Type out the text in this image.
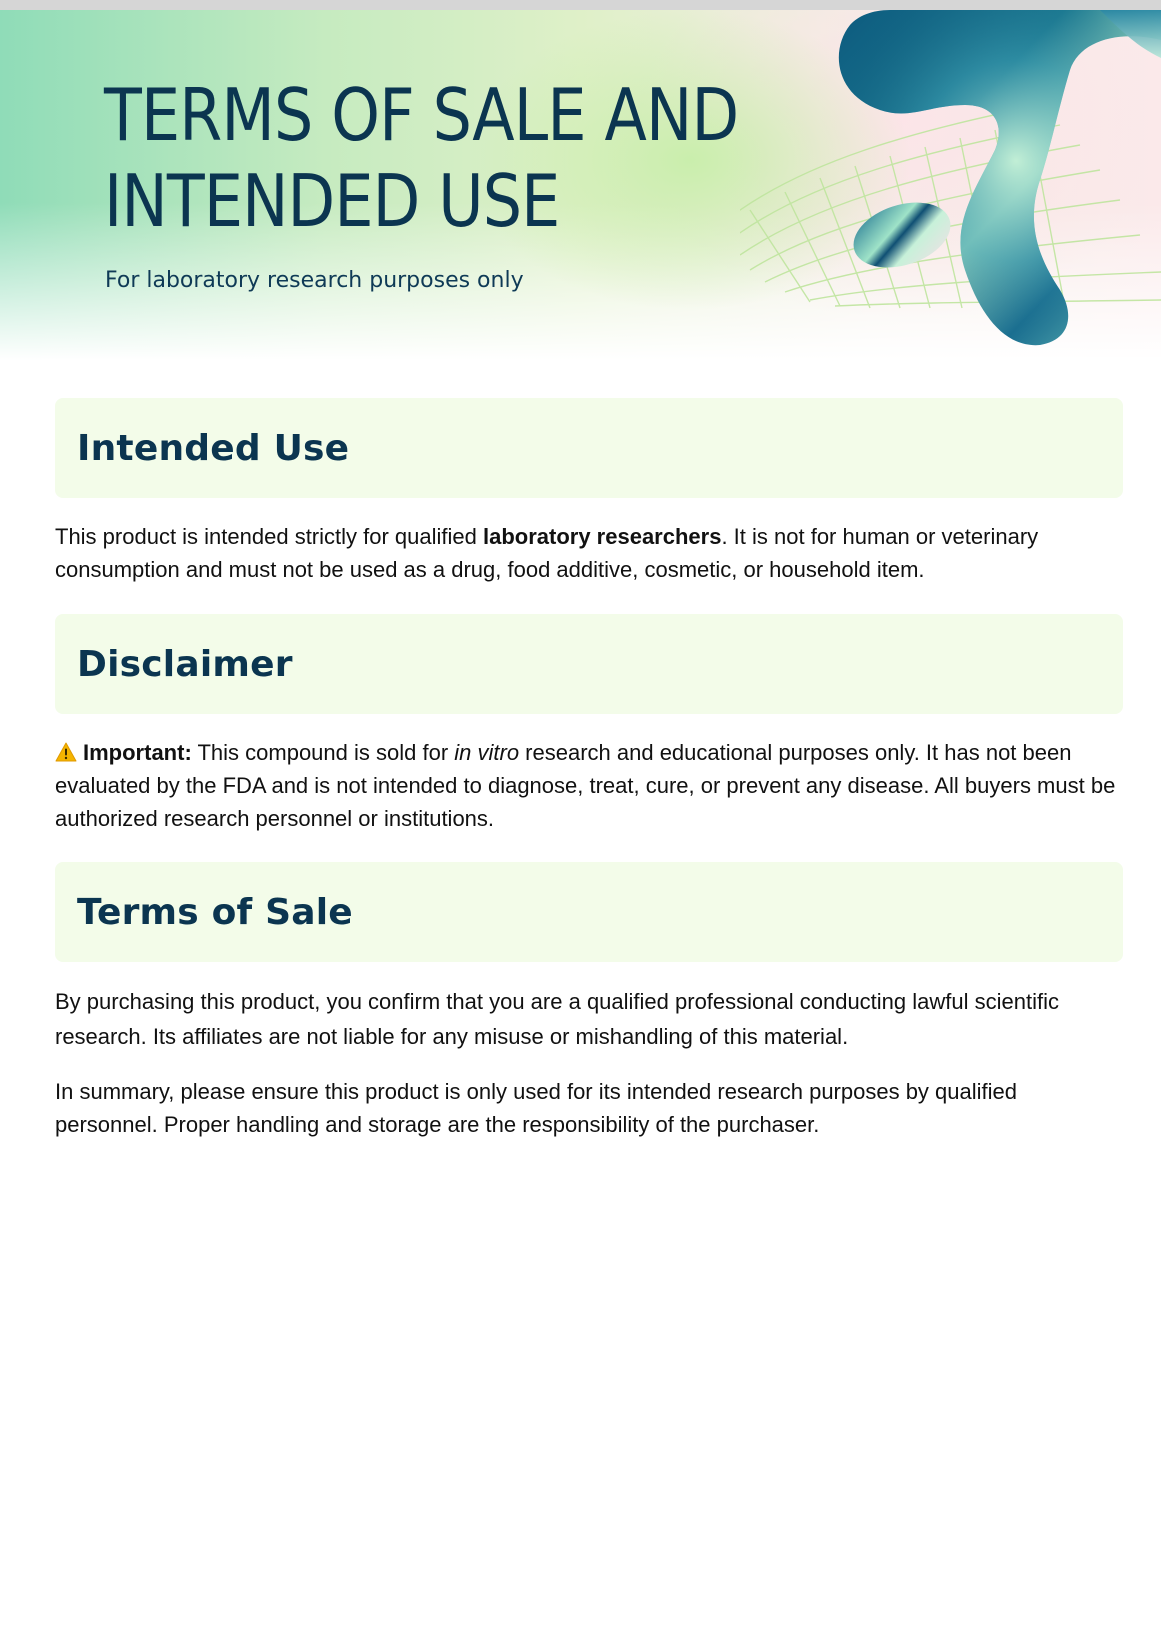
TERMS OF SALE AND
INTENDED USE

For laboratory research purposes only

Intended Use

This product is intended strictly for qualified laboratory researchers. It is not for human or veterinary consumption and must not be used as a drug, food additive, cosmetic, or household item.

Disclaimer

Important: This compound is sold for in vitro research and educational purposes only. It has not been evaluated by the FDA and is not intended to diagnose, treat, cure, or prevent any disease. All buyers must be authorized research personnel or institutions.

Terms of Sale

By purchasing this product, you confirm that you are a qualified professional conducting lawful scientific research. Its affiliates are not liable for any misuse or mishandling of this material.

In summary, please ensure this product is only used for its intended research purposes by qualified personnel. Proper handling and storage are the responsibility of the purchaser.
